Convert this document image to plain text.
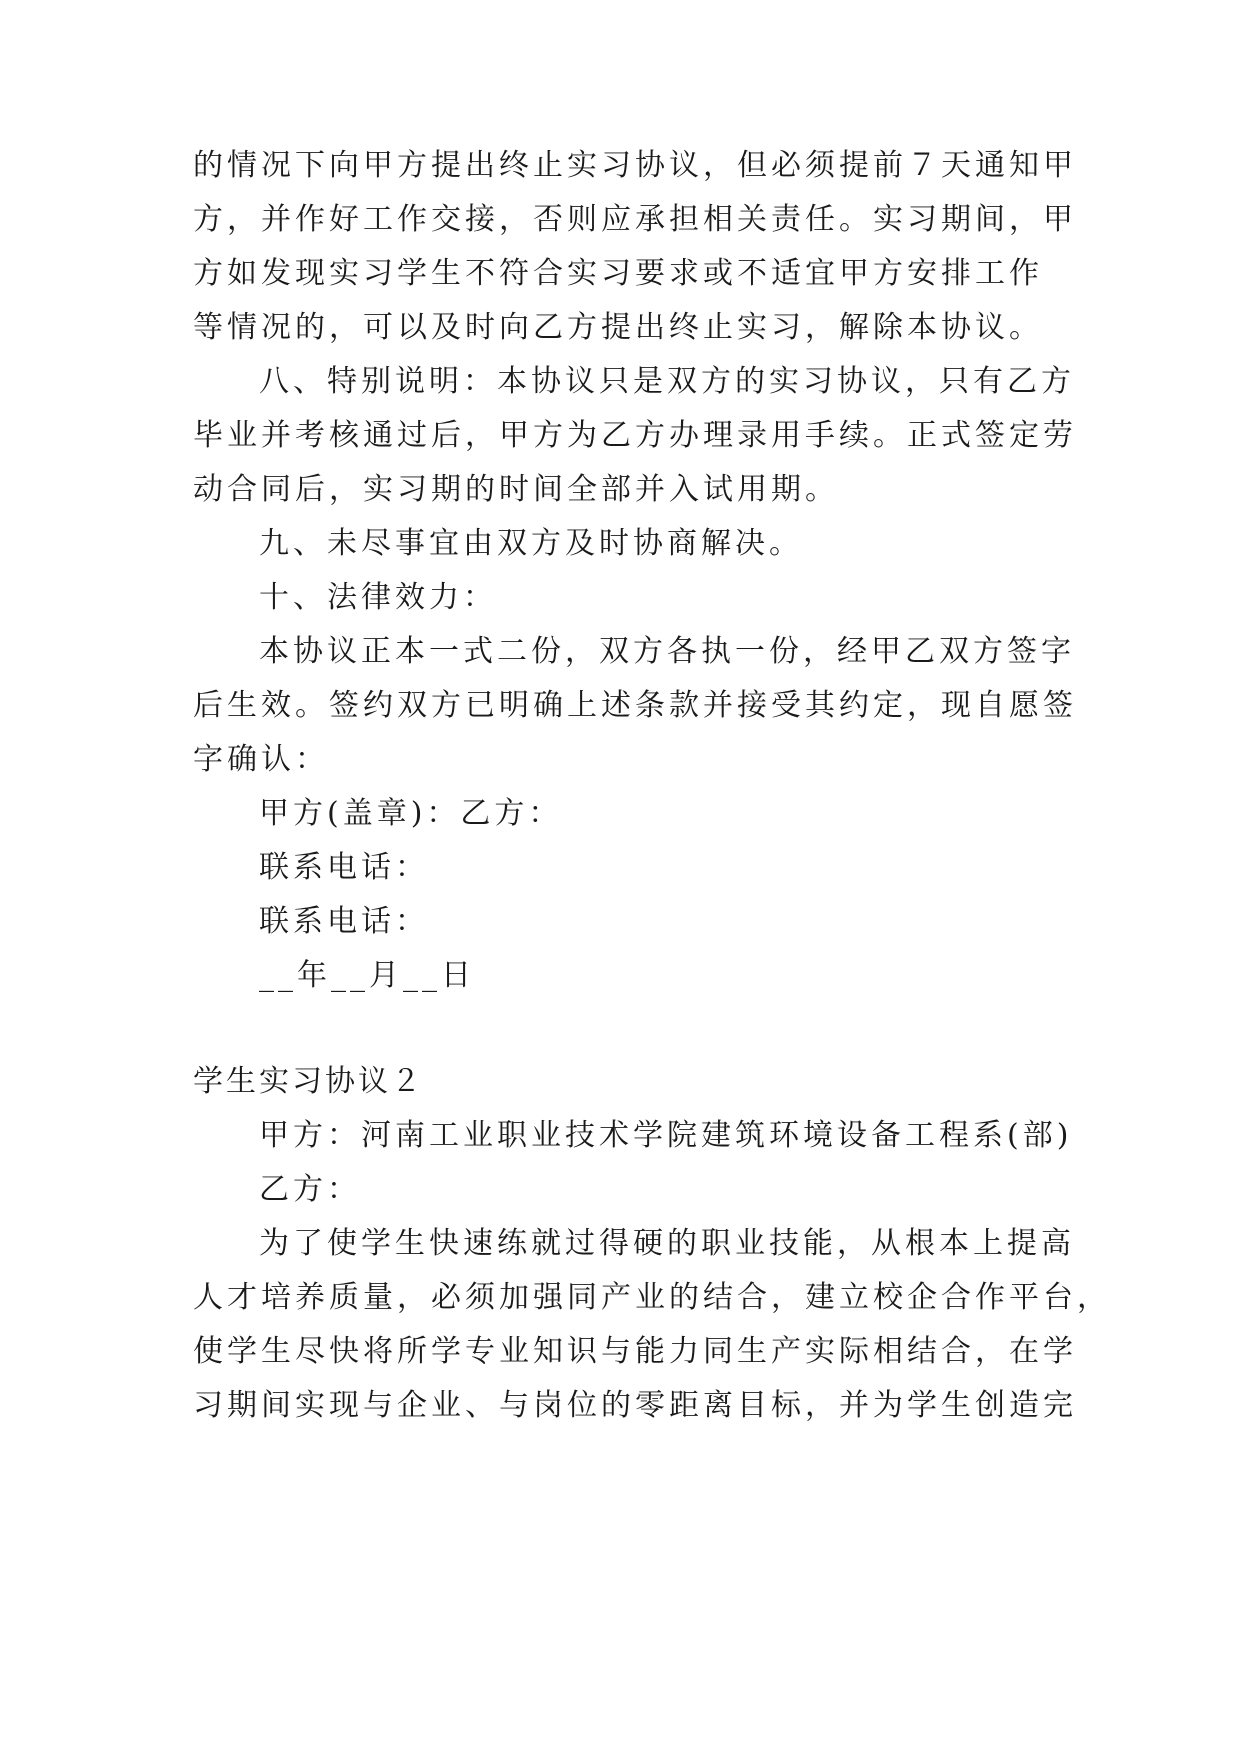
的情况下向甲方提出终止实习协议，但必须提前７天通知甲
方，并作好工作交接，否则应承担相关责任。实习期间，甲
方如发现实习学生不符合实习要求或不适宜甲方安排工作
等情况的，可以及时向乙方提出终止实习，解除本协议。
八、特别说明：本协议只是双方的实习协议，只有乙方
毕业并考核通过后，甲方为乙方办理录用手续。正式签定劳
动合同后，实习期的时间全部并入试用期。
九、未尽事宜由双方及时协商解决。
十、法律效力：
本协议正本一式二份，双方各执一份，经甲乙双方签字
后生效。签约双方已明确上述条款并接受其约定，现自愿签
字确认：
甲方(盖章)：乙方：
联系电话：
联系电话：
__年__月__日
学生实习协议２
甲方：河南工业职业技术学院建筑环境设备工程系(部)
乙方：
为了使学生快速练就过得硬的职业技能，从根本上提高
人才培养质量，必须加强同产业的结合，建立校企合作平台，
使学生尽快将所学专业知识与能力同生产实际相结合，在学
习期间实现与企业、与岗位的零距离目标，并为学生创造完
